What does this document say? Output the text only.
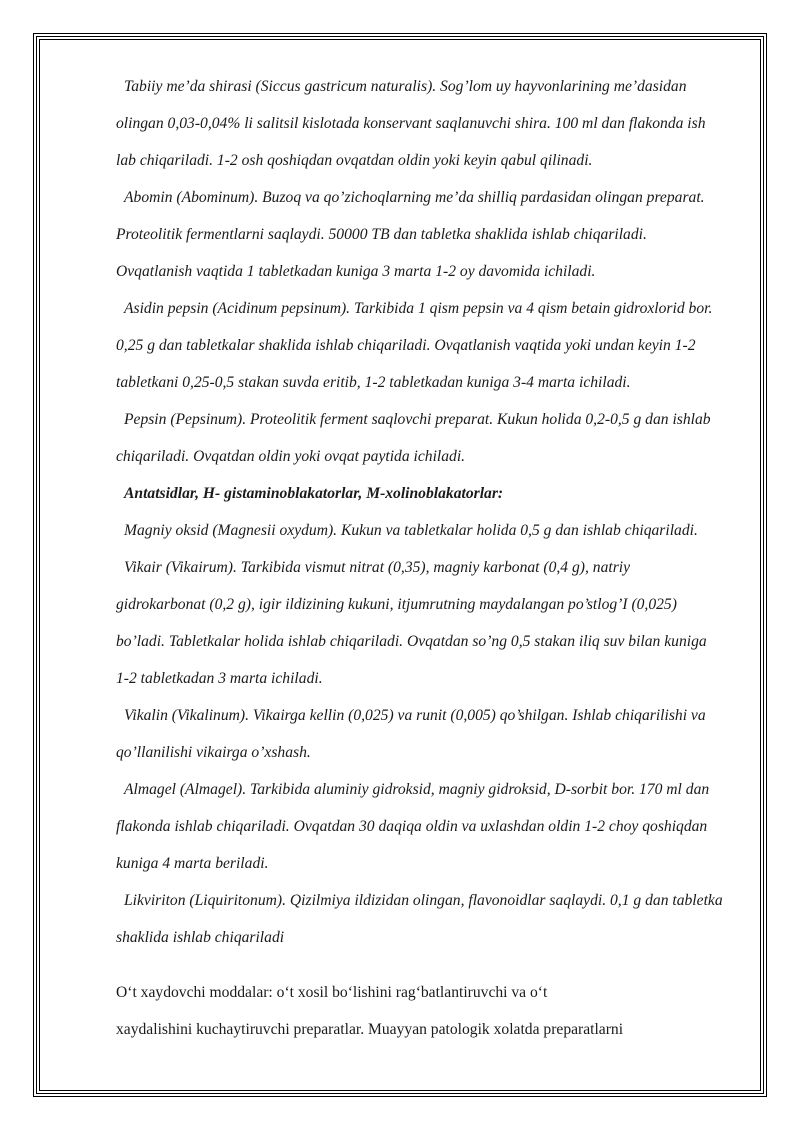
Tabiiy me’da shirasi (Siccus gastricum naturalis). Sog’lom uy hayvonlarining me’dasidan
olingan 0,03-0,04% li salitsil kislotada konservant saqlanuvchi shira. 100 ml dan flakonda ish
lab chiqariladi. 1-2 osh qoshiqdan ovqatdan oldin yoki keyin qabul qilinadi.
Abomin (Abominum). Buzoq va qo’zichoqlarning me’da shilliq pardasidan olingan preparat.
Proteolitik fermentlarni saqlaydi. 50000 TB dan tabletka shaklida ishlab chiqariladi.
Ovqatlanish vaqtida 1 tabletkadan kuniga 3 marta 1-2 oy davomida ichiladi.
Asidin pepsin (Acidinum pepsinum). Tarkibida 1 qism pepsin va 4 qism betain gidroxlorid bor.
0,25 g dan tabletkalar shaklida ishlab chiqariladi. Ovqatlanish vaqtida yoki undan keyin 1-2
tabletkani 0,25-0,5 stakan suvda eritib, 1-2 tabletkadan kuniga 3-4 marta ichiladi.
Pepsin (Pepsinum). Proteolitik ferment saqlovchi preparat. Kukun holida 0,2-0,5 g dan ishlab
chiqariladi. Ovqatdan oldin yoki ovqat paytida ichiladi.
Antatsidlar, H- gistaminoblakatorlar, M-xolinoblakatorlar:
Magniy oksid (Magnesii oxydum). Kukun va tabletkalar holida 0,5 g dan ishlab chiqariladi.
Vikair (Vikairum). Tarkibida vismut nitrat (0,35), magniy karbonat (0,4 g), natriy
gidrokarbonat (0,2 g), igir ildizining kukuni, itjumrutning maydalangan po’stlog’I (0,025)
bo’ladi. Tabletkalar holida ishlab chiqariladi. Ovqatdan so’ng 0,5 stakan iliq suv bilan kuniga
1-2 tabletkadan 3 marta ichiladi.
Vikalin (Vikalinum). Vikairga kellin (0,025) va runit (0,005) qo’shilgan. Ishlab chiqarilishi va
qo’llanilishi vikairga o’xshash.
Almagel (Almagel). Tarkibida aluminiy gidroksid, magniy gidroksid, D-sorbit bor. 170 ml dan
flakonda ishlab chiqariladi. Ovqatdan 30 daqiqa oldin va uxlashdan oldin 1-2 choy qoshiqdan
kuniga 4 marta beriladi.
Likviriton (Liquiritonum). Qizilmiya ildizidan olingan, flavonoidlar saqlaydi. 0,1 g dan tabletka
shaklida ishlab chiqariladi
O‘t xaydovchi moddalar: o‘t xosil bo‘lishini rag‘batlantiruvchi va o‘t
xaydalishini kuchaytiruvchi preparatlar. Muayyan patologik xolatda preparatlarni
